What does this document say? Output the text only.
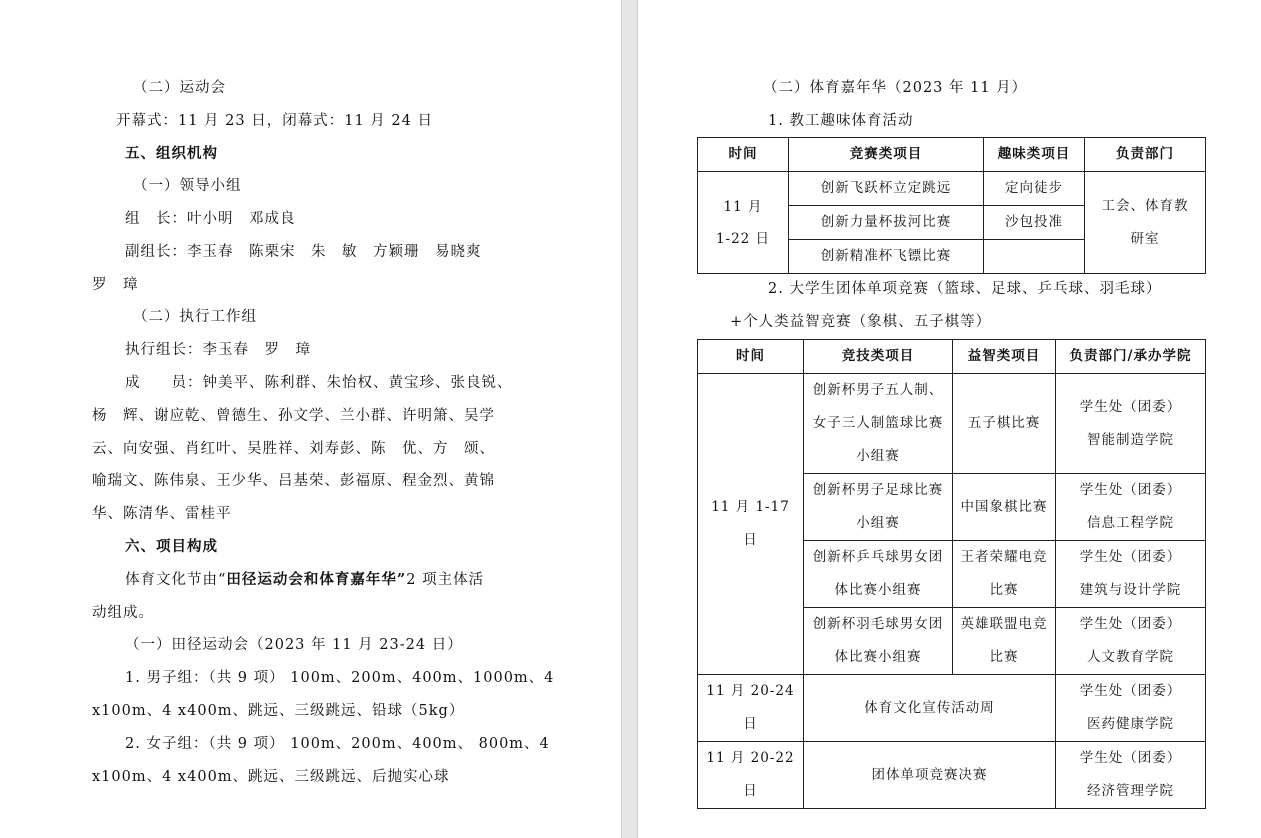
（二）运动会
开幕式：11 月 23 日，闭幕式：11 月 24 日
五、组织机构
（一）领导小组
组　长：叶小明　邓成良
副组长：李玉春　陈栗宋　朱　敏　方颖珊　易晓爽
罗　璋
（二）执行工作组
执行组长：李玉春　罗　璋
成　　员：钟美平、陈利群、朱怡权、黄宝珍、张良锐、
杨　辉、谢应乾、曾德生、孙文学、兰小群、许明箫、吴学
云、向安强、肖红叶、吴胜祥、刘寿彭、陈　优、方　颂、
喻瑞文、陈伟泉、王少华、吕基荣、彭福原、程金烈、黄锦
华、陈清华、雷桂平
六、项目构成
体育文化节由“田径运动会和体育嘉年华”2 项主体活
动组成。
（一）田径运动会（2023 年 11 月 23-24 日）
1. 男子组：（共 9 项） 100m、200m、400m、1000m、4
x100m、4 x400m、跳远、三级跳远、铅球（5kg）
2. 女子组：（共 9 项） 100m、200m、400m、 800m、4
x100m、4 x400m、跳远、三级跳远、后抛实心球
（二）体育嘉年华（2023 年 11 月）
1. 教工趣味体育活动
时间	竞赛类项目	趣味类项目	负责部门
11 月
1-22 日	创新飞跃杯立定跳远	定向徒步	工会、体育教研室
	创新力量杯拔河比赛	沙包投准	
	创新精准杯飞镖比赛		
2. 大学生团体单项竞赛（篮球、足球、乒乓球、羽毛球）
+个人类益智竞赛（象棋、五子棋等）
时间	竞技类项目	益智类项目	负责部门/承办学院
11 月 1-17 日	创新杯男子五人制、女子三人制篮球比赛小组赛	五子棋比赛	学生处（团委）
智能制造学院

	创新杯男子足球比赛小组赛	中国象棋比赛	学生处（团委）
信息工程学院

	创新杯乒乓球男女团体比赛小组赛	王者荣耀电竞比赛	学生处（团委）
建筑与设计学院

	创新杯羽毛球男女团体比赛小组赛	英雄联盟电竞比赛	学生处（团委）
人文教育学院

11 月 20-24 日	体育文化宣传活动周		学生处（团委）
医药健康学院

11 月 20-22 日	团体单项竞赛决赛		学生处（团委）
经济管理学院
